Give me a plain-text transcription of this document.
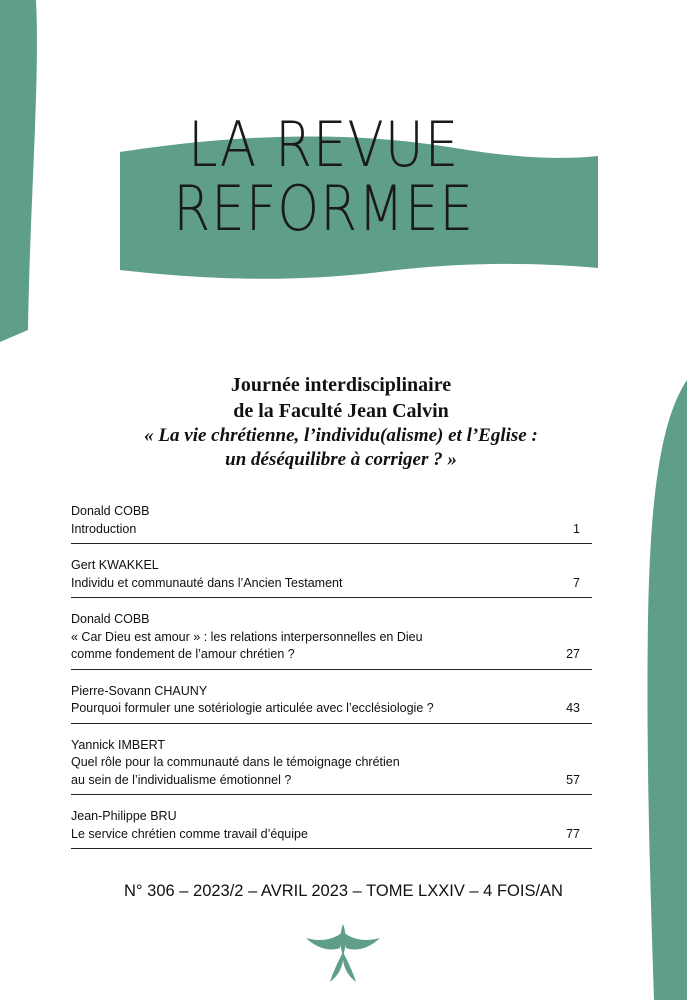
LA REVUE
REFORMEE
Journée interdisciplinaire
de la Faculté Jean Calvin
« La vie chrétienne, l’individu(alisme) et l’Eglise :
un déséquilibre à corriger ? »
Donald COBB
Introduction	1
Gert KWAKKEL
Individu et communauté dans l’Ancien Testament	7
Donald COBB
« Car Dieu est amour » : les relations interpersonnelles en Dieu
comme fondement de l’amour chrétien ?	27
Pierre-Sovann CHAUNY
Pourquoi formuler une sotériologie articulée avec l’ecclésiologie ?	43
Yannick IMBERT
Quel rôle pour la communauté dans le témoignage chrétien
au sein de l’individualisme émotionnel ?	57
Jean-Philippe BRU
Le service chrétien comme travail d’équipe	77
N° 306 – 2023/2 – AVRIL 2023 – TOME LXXIV – 4 FOIS/AN
